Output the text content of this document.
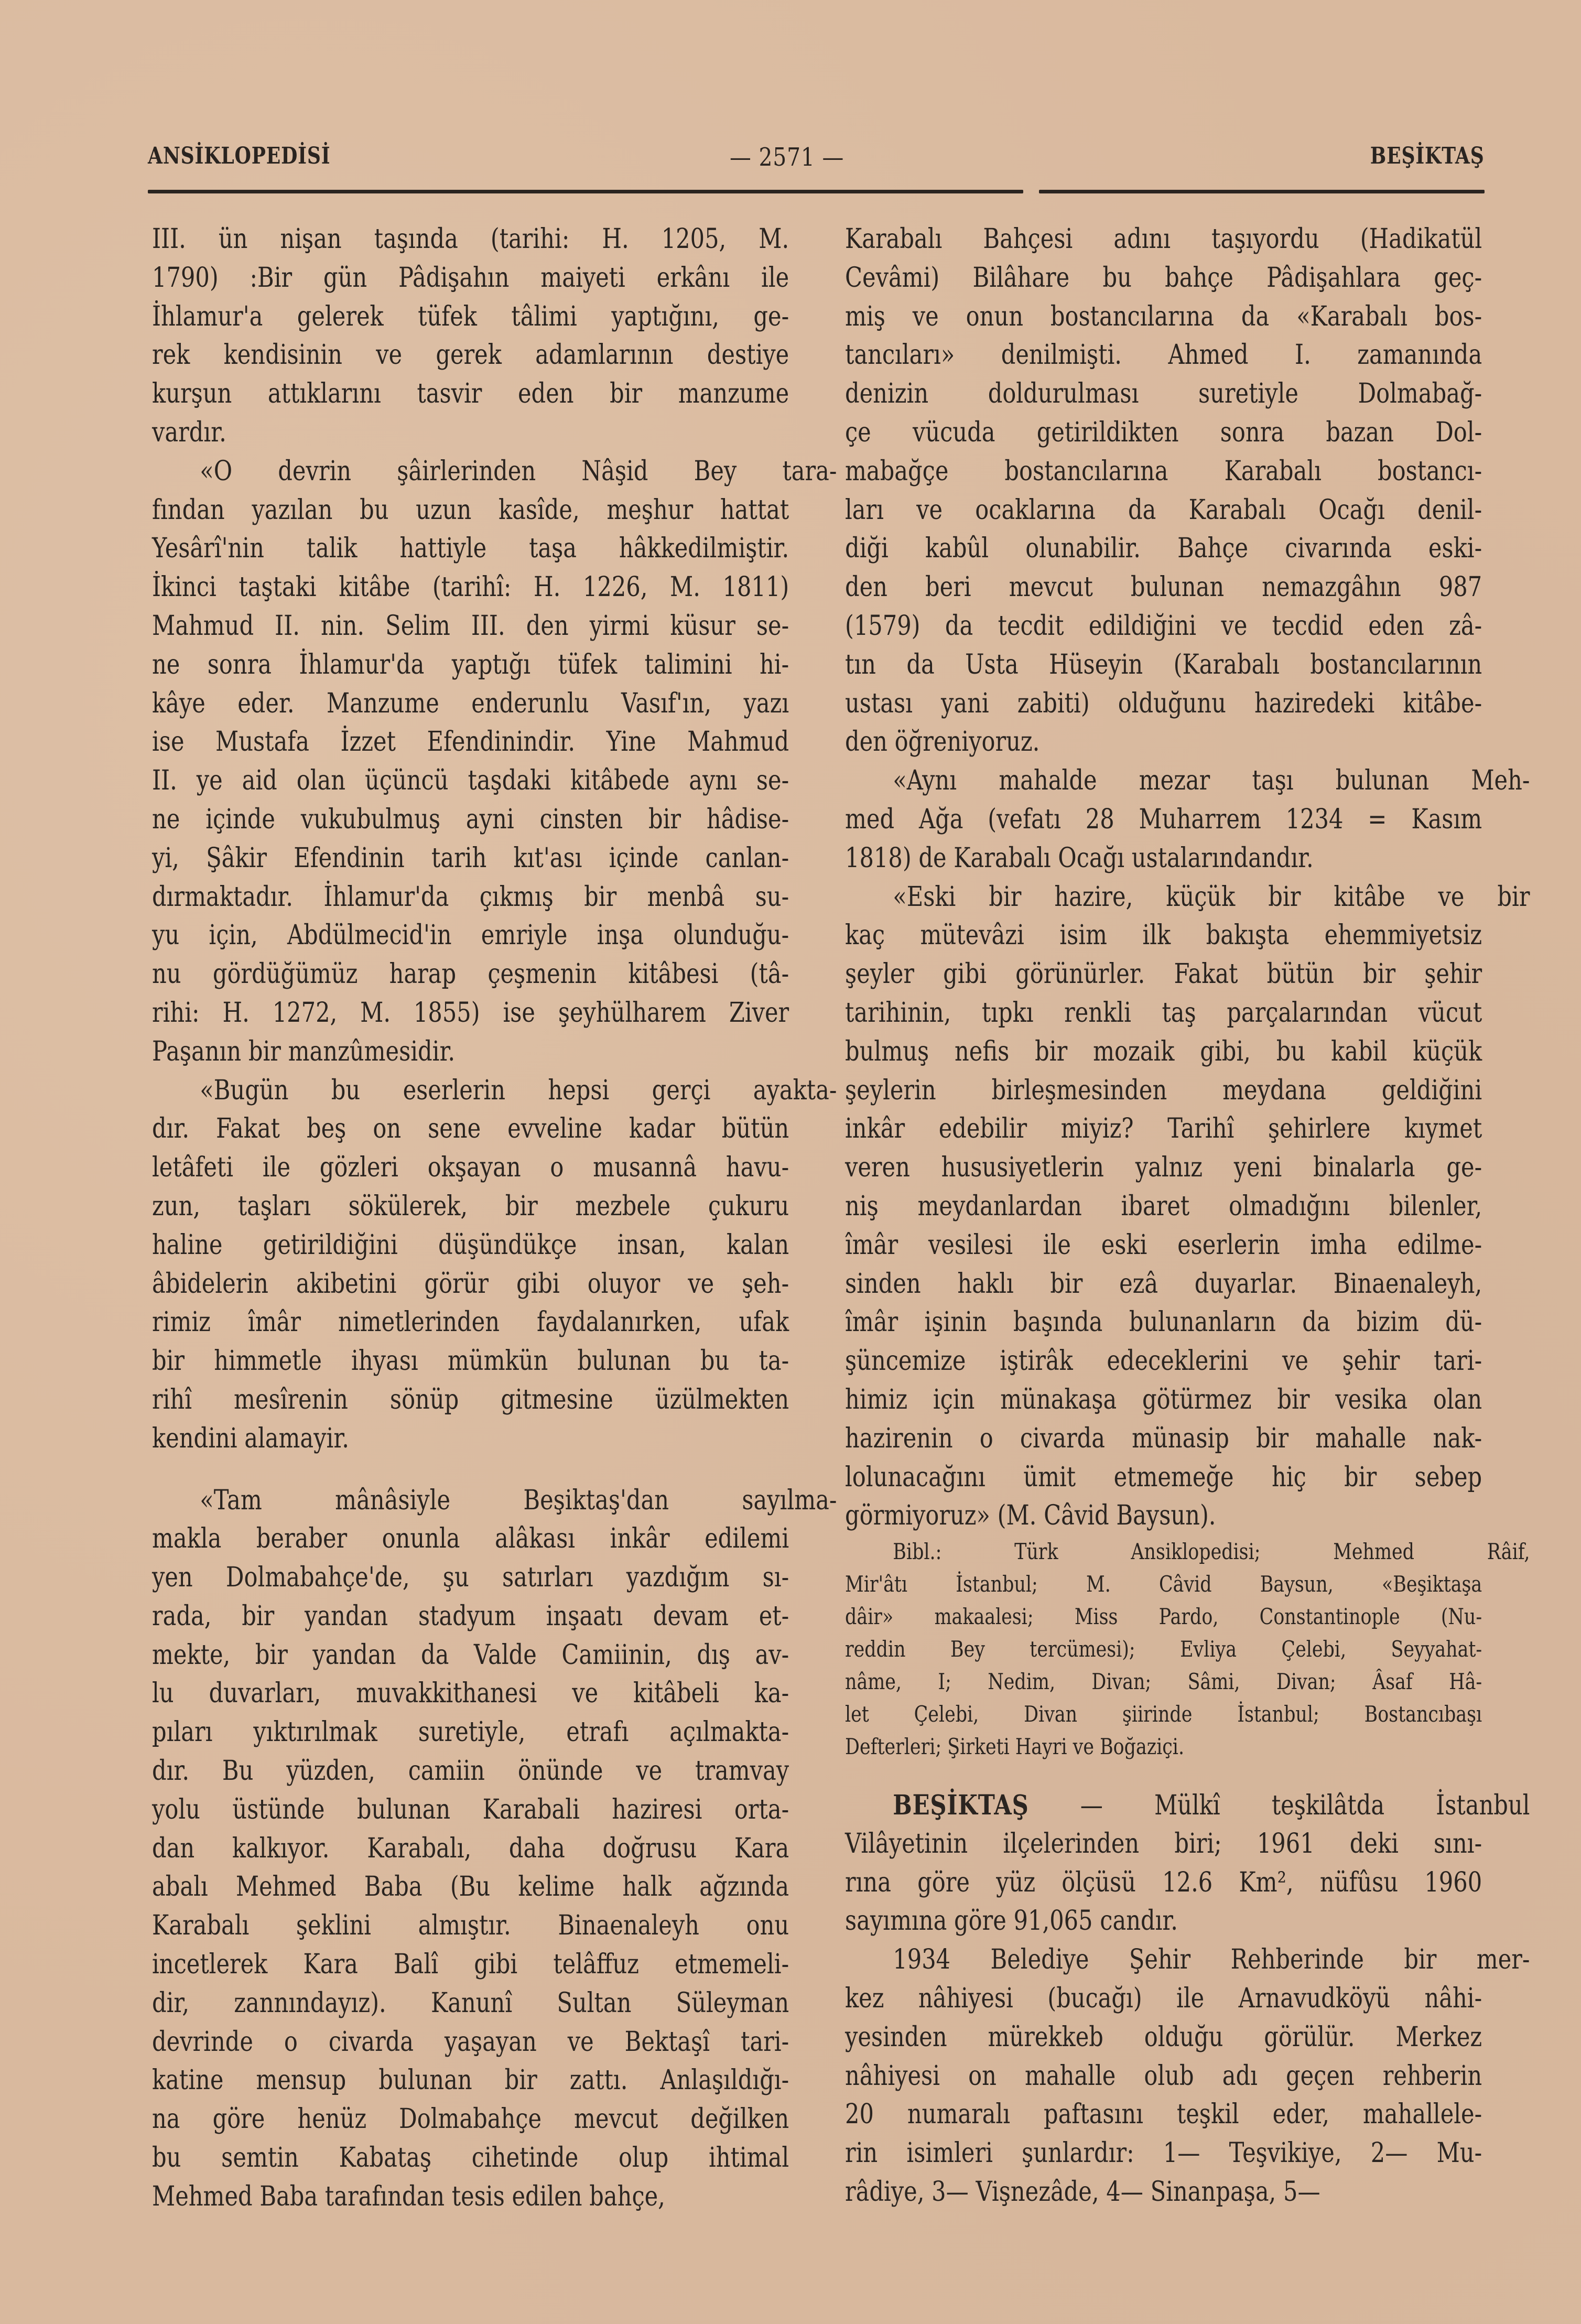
ANSİKLOPEDİSİ	— 2571 —	BEŞİKTAŞ
III. ün nişan taşında (tarihi: H. 1205, M.
1790) :Bir gün Pâdişahın maiyeti erkânı ile
İhlamur'a gelerek tüfek tâlimi yaptığını, ge-
rek kendisinin ve gerek adamlarının destiye
kurşun attıklarını tasvir eden bir manzume
vardır.
«O devrin şâirlerinden Nâşid Bey tara-
fından yazılan bu uzun kasîde, meşhur hattat
Yesârî'nin talik hattiyle taşa hâkkedilmiştir.
İkinci taştaki kitâbe (tarihî: H. 1226, M. 1811)
Mahmud II. nin. Selim III. den yirmi küsur se-
ne sonra İhlamur'da yaptığı tüfek talimini hi-
kâye eder. Manzume enderunlu Vasıf'ın, yazı
ise Mustafa İzzet Efendinindir. Yine Mahmud
II. ye aid olan üçüncü taşdaki kitâbede aynı se-
ne içinde vukubulmuş ayni cinsten bir hâdise-
yi, Şâkir Efendinin tarih kıt'ası içinde canlan-
dırmaktadır. İhlamur'da çıkmış bir menbâ su-
yu için, Abdülmecid'in emriyle inşa olunduğu-
nu gördüğümüz harap çeşmenin kitâbesi (tâ-
rihi: H. 1272, M. 1855) ise şeyhülharem Ziver
Paşanın bir manzûmesidir.
«Bugün bu eserlerin hepsi gerçi ayakta-
dır. Fakat beş on sene evveline kadar bütün
letâfeti ile gözleri okşayan o musannâ havu-
zun, taşları sökülerek, bir mezbele çukuru
haline getirildiğini düşündükçe insan, kalan
âbidelerin akibetini görür gibi oluyor ve şeh-
rimiz îmâr nimetlerinden faydalanırken, ufak
bir himmetle ihyası mümkün bulunan bu ta-
rihî mesîrenin sönüp gitmesine üzülmekten
kendini alamayir.
«Tam mânâsiyle Beşiktaş'dan sayılma-
makla beraber onunla alâkası inkâr edilemi
yen Dolmabahçe'de, şu satırları yazdığım sı-
rada, bir yandan stadyum inşaatı devam et-
mekte, bir yandan da Valde Camiinin, dış av-
lu duvarları, muvakkithanesi ve kitâbeli ka-
pıları yıktırılmak suretiyle, etrafı açılmakta-
dır. Bu yüzden, camiin önünde ve tramvay
yolu üstünde bulunan Karabali haziresi orta-
dan kalkıyor. Karabalı, daha doğrusu Kara
abalı Mehmed Baba (Bu kelime halk ağzında
Karabalı şeklini almıştır. Binaenaleyh onu
incetlerek Kara Balî gibi telâffuz etmemeli-
dir, zannındayız). Kanunî Sultan Süleyman
devrinde o civarda yaşayan ve Bektaşî tari-
katine mensup bulunan bir zattı. Anlaşıldığı-
na göre henüz Dolmabahçe mevcut değilken
bu semtin Kabataş cihetinde olup ihtimal
Mehmed Baba tarafından tesis edilen bahçe,
Karabalı Bahçesi adını taşıyordu (Hadikatül
Cevâmi) Bilâhare bu bahçe Pâdişahlara geç-
miş ve onun bostancılarına da «Karabalı bos-
tancıları» denilmişti. Ahmed I. zamanında
denizin doldurulması suretiyle Dolmabağ-
çe vücuda getirildikten sonra bazan Dol-
mabağçe bostancılarına Karabalı bostancı-
ları ve ocaklarına da Karabalı Ocağı denil-
diği kabûl olunabilir. Bahçe civarında eski-
den beri mevcut bulunan nemazgâhın 987
(1579) da tecdit edildiğini ve tecdid eden zâ-
tın da Usta Hüseyin (Karabalı bostancılarının
ustası yani zabiti) olduğunu haziredeki kitâbe-
den öğreniyoruz.
«Aynı mahalde mezar taşı bulunan Meh-
med Ağa (vefatı 28 Muharrem 1234 = Kasım
1818) de Karabalı Ocağı ustalarındandır.
«Eski bir hazire, küçük bir kitâbe ve bir
kaç mütevâzi isim ilk bakışta ehemmiyetsiz
şeyler gibi görünürler. Fakat bütün bir şehir
tarihinin, tıpkı renkli taş parçalarından vücut
bulmuş nefis bir mozaik gibi, bu kabil küçük
şeylerin birleşmesinden meydana geldiğini
inkâr edebilir miyiz? Tarihî şehirlere kıymet
veren hususiyetlerin yalnız yeni binalarla ge-
niş meydanlardan ibaret olmadığını bilenler,
îmâr vesilesi ile eski eserlerin imha edilme-
sinden haklı bir ezâ duyarlar. Binaenaleyh,
îmâr işinin başında bulunanların da bizim dü-
şüncemize iştirâk edeceklerini ve şehir tari-
himiz için münakaşa götürmez bir vesika olan
hazirenin o civarda münasip bir mahalle nak-
lolunacağını ümit etmemeğe hiç bir sebep
görmiyoruz» (M. Câvid Baysun).
Bibl.: Türk Ansiklopedisi; Mehmed Râif,
Mir'âtı İstanbul; M. Câvid Baysun, «Beşiktaşa
dâir» makaalesi; Miss Pardo, Constantinople (Nu-
reddin Bey tercümesi); Evliya Çelebi, Seyyahat-
nâme, I; Nedim, Divan; Sâmi, Divan; Âsaf Hâ-
let Çelebi, Divan şiirinde İstanbul; Bostancıbaşı
Defterleri; Şirketi Hayri ve Boğaziçi.
BEŞİKTAŞ — Mülkî teşkilâtda İstanbul
Vilâyetinin ilçelerinden biri; 1961 deki sını-
rına göre yüz ölçüsü 12.6 Km², nüfûsu 1960
sayımına göre 91,065 candır.
1934 Belediye Şehir Rehberinde bir mer-
kez nâhiyesi (bucağı) ile Arnavudköyü nâhi-
yesinden mürekkeb olduğu görülür. Merkez
nâhiyesi on mahalle olub adı geçen rehberin
20 numaralı paftasını teşkil eder, mahallele-
rin isimleri şunlardır: 1— Teşvikiye, 2— Mu-
râdiye, 3— Vişnezâde, 4— Sinanpaşa, 5—
